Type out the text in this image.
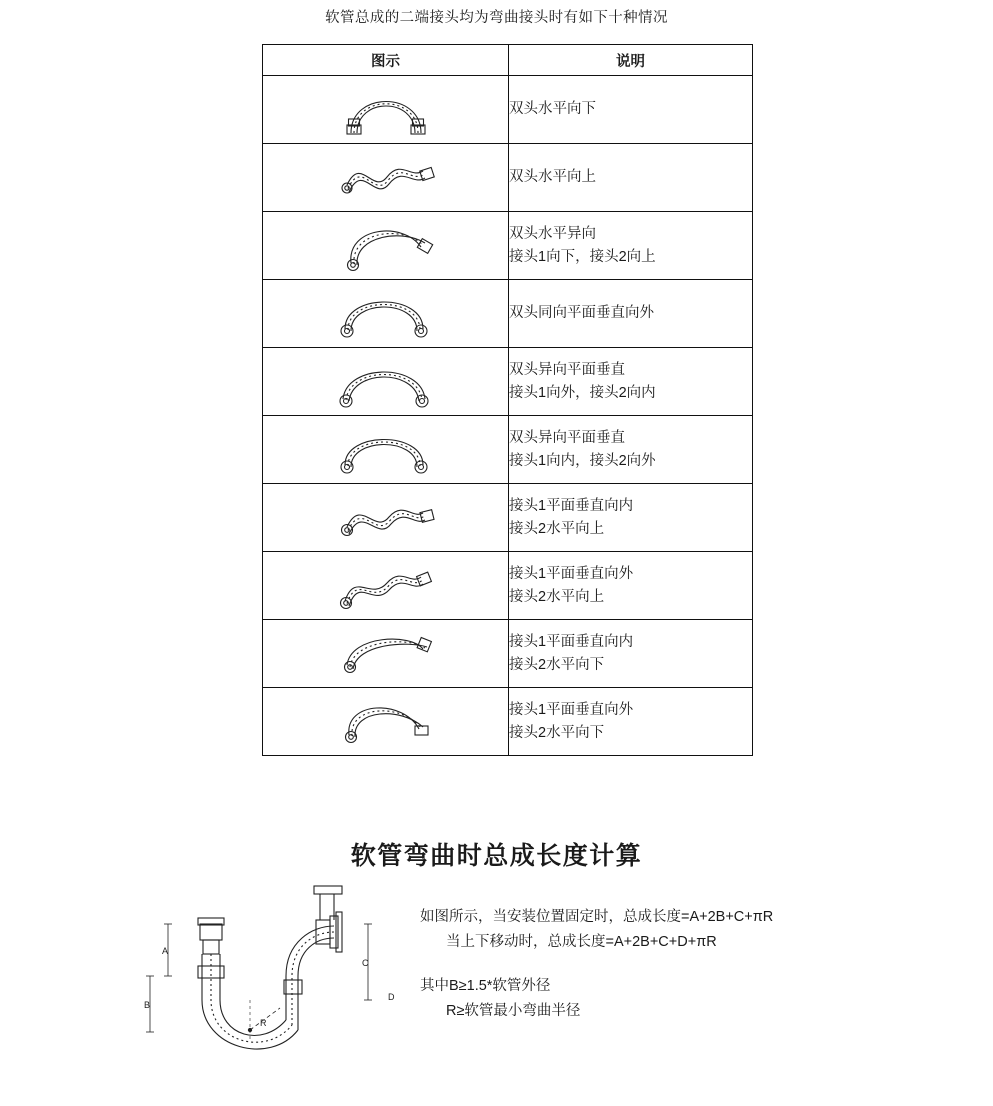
软管总成的二端接头均为弯曲接头时有如下十种情况
图示	说明

双头水平向下

双头水平向上

双头水平异向
接头1向下，接头2向上

双头同向平面垂直向外

双头异向平面垂直
接头1向外，接头2向内

双头异向平面垂直
接头1向内，接头2向外

接头1平面垂直向内
接头2水平向上

接头1平面垂直向外
接头2水平向上

接头1平面垂直向内
接头2水平向下

接头1平面垂直向外
接头2水平向下
软管弯曲时总成长度计算
A
B
C
D
R
如图所示，当安装位置固定时，总成长度=A+2B+C+πR
当上下移动时，总成长度=A+2B+C+D+πR
其中B≥1.5*软管外径
R≥软管最小弯曲半径
